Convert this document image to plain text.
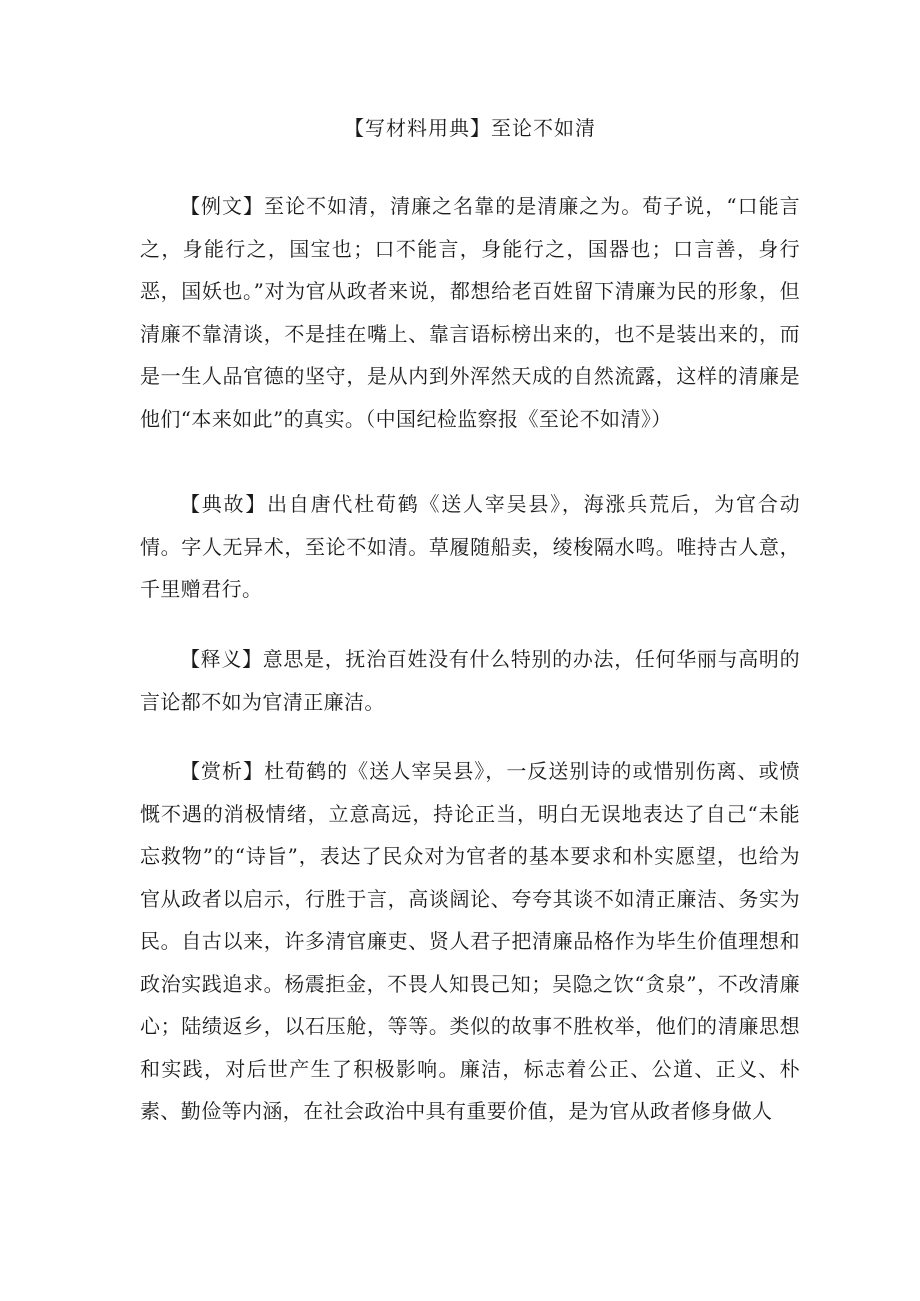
【写材料用典】至论不如清

【例文】至论不如清，清廉之名靠的是清廉之为。荀子说，“口能言之，身能行之，国宝也；口不能言，身能行之，国器也；口言善，身行恶，国妖也。”对为官从政者来说，都想给老百姓留下清廉为民的形象，但清廉不靠清谈，不是挂在嘴上、靠言语标榜出来的，也不是装出来的，而是一生人品官德的坚守，是从内到外浑然天成的自然流露，这样的清廉是他们“本来如此”的真实。（中国纪检监察报《至论不如清》）

【典故】出自唐代杜荀鹤《送人宰吴县》，海涨兵荒后，为官合动情。字人无异术，至论不如清。草履随船卖，绫梭隔水鸣。唯持古人意，千里赠君行。

【释义】意思是，抚治百姓没有什么特别的办法，任何华丽与高明的言论都不如为官清正廉洁。

【赏析】杜荀鹤的《送人宰吴县》，一反送别诗的或惜别伤离、或愤慨不遇的消极情绪，立意高远，持论正当，明白无误地表达了自己“未能忘救物”的“诗旨”，表达了民众对为官者的基本要求和朴实愿望，也给为官从政者以启示，行胜于言，高谈阔论、夸夸其谈不如清正廉洁、务实为民。自古以来，许多清官廉吏、贤人君子把清廉品格作为毕生价值理想和政治实践追求。杨震拒金，不畏人知畏己知；吴隐之饮“贪泉”，不改清廉心；陆绩返乡，以石压舱，等等。类似的故事不胜枚举，他们的清廉思想和实践，对后世产生了积极影响。廉洁，标志着公正、公道、正义、朴素、勤俭等内涵，在社会政治中具有重要价值，是为官从政者修身做人
